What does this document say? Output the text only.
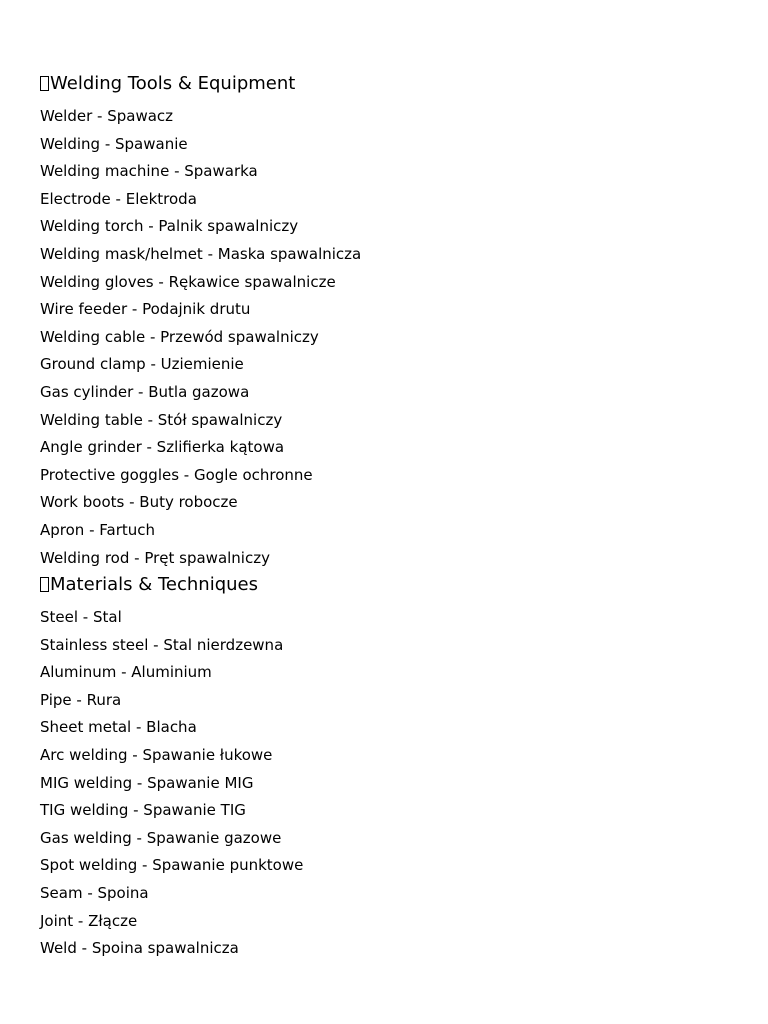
Welding Tools & Equipment
Welder - Spawacz
Welding - Spawanie
Welding machine - Spawarka
Electrode - Elektroda
Welding torch - Palnik spawalniczy
Welding mask/helmet - Maska spawalnicza
Welding gloves - Rękawice spawalnicze
Wire feeder - Podajnik drutu
Welding cable - Przewód spawalniczy
Ground clamp - Uziemienie
Gas cylinder - Butla gazowa
Welding table - Stół spawalniczy
Angle grinder - Szlifierka kątowa
Protective goggles - Gogle ochronne
Work boots - Buty robocze
Apron - Fartuch
Welding rod - Pręt spawalniczy
Materials & Techniques
Steel - Stal
Stainless steel - Stal nierdzewna
Aluminum - Aluminium
Pipe - Rura
Sheet metal - Blacha
Arc welding - Spawanie łukowe
MIG welding - Spawanie MIG
TIG welding - Spawanie TIG
Gas welding - Spawanie gazowe
Spot welding - Spawanie punktowe
Seam - Spoina
Joint - Złącze
Weld - Spoina spawalnicza
